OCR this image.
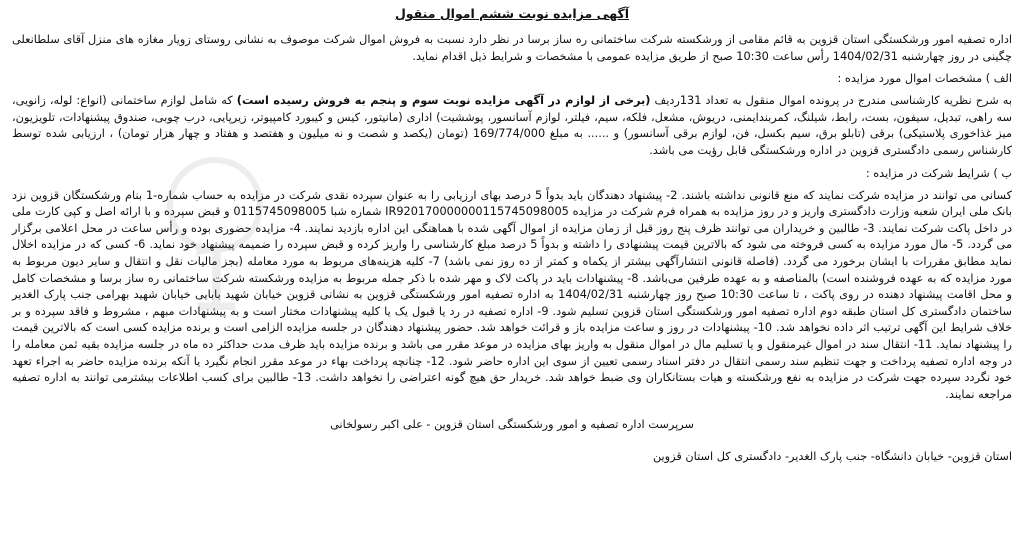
1
آگهی مزایده نوبت ششم اموال منقول

اداره تصفیه امور ورشکستگی استان قزوین به قائم مقامی از ورشکسته شرکت ساختمانی ره ساز برسا در نظر دارد نسبت به فروش اموال شرکت موصوف به نشانی روستای زویار مغازه های منزل آقای سلطانعلی چگینی در روز چهارشنبه 1404/02/31 رأس ساعت 10:30 صبح از طریق مزایده عمومی با مشخصات و شرایط ذیل اقدام نماید.

الف ) مشخصات اموال مورد مزایده :

به شرح نظریه کارشناسی مندرج در پرونده اموال منقول به تعداد 131ردیف (برخی از لوازم در آگهی مزایده نوبت سوم و پنجم به فروش رسیده است) که شامل لوازم ساختمانی (انواع: لوله، زانویی، سه راهی، تبدیل، سیفون، بست، رابط، شیلنگ، کمربندایمنی، دریوش، مشعل، فلکه، سیم، فیلتر، لوازم آسانسور، پوششیت) اداری (مانیتور، کیس و کیبورد کامپیوتر، زیرپایی، درب چوبی، صندوق پیشنهادات، تلویزیون، میز غذاخوری پلاستیکی) برقی (تابلو برق، سیم بکسل، فن، لوازم برقی آسانسور) و ...... به مبلغ 169/774/000 (تومان (یکصد و شصت و نه میلیون و هفتصد و هفتاد و چهار هزار تومان) ، ارزیابی شده توسط کارشناس رسمی دادگستری قزوین در اداره ورشکستگی قابل رؤیت می باشد.

ب ) شرایط شرکت در مزایده :

کسانی می توانند در مزایده شرکت نمایند که منع قانونی نداشته باشند. 2- پیشنهاد دهندگان باید بدواً 5 درصد بهای ارزیابی را به عنوان سپرده نقدی شرکت در مزایده به حساب شماره-1 بنام ورشکستگان قزوین نزد بانک ملی ایران شعبه وزارت دادگستری واریز و در روز مزایده به همراه فرم شرکت در مزایده IR920170000000115745098005 شماره شبا 0115745098005 و قبض سپرده و با ارائه اصل و کپی کارت ملی در داخل پاکت شرکت نمایند. 3- طالبین و خریداران می توانند ظرف پنج روز قبل از زمان مزایده از اموال آگهی شده با هماهنگی این اداره بازدید نمایند. 4- مزایده حضوری بوده و رأس ساعت در محل اعلامی برگزار می گردد. 5- مال مورد مزایده به کسی فروخته می شود که بالاترین قیمت پیشنهادی را داشته و بدواً 5 درصد مبلغ کارشناسی را واریز کرده و قبض سپرده را ضمیمه پیشنهاد خود نماید. 6- کسی که در مزایده اخلال نماید مطابق مقررات با ایشان برخورد می گردد. (فاصله قانونی انتشارآگهی بیشتر از یکماه و کمتر از ده روز نمی باشد) 7- کلیه هزینه‌های مربوط به مورد معامله (بجز مالیات نقل و انتقال و سایر دیون مربوط به مورد مزایده که به عهده فروشنده است) بالمناصفه و به عهده طرفین می‌باشد. 8- پیشنهادات باید در پاکت لاک و مهر شده با ذکر جمله مربوط به مزایده ورشکسته شرکت ساختمانی ره ساز برسا و مشخصات کامل و محل اقامت پیشنهاد دهنده در روی پاکت ، تا ساعت 10:30 صبح روز چهارشنبه 1404/02/31 به اداره تصفیه امور ورشکستگی قزوین به نشانی قزوین خیابان شهید بابایی خیابان شهید بهرامی جنب پارک الغدیر ساختمان دادگستری کل استان طبقه دوم اداره تصفیه امور ورشکستگی استان قزوین تسلیم شود. 9- اداره تصفیه در رد یا قبول یک یا کلیه پیشنهادات مختار است و به پیشنهادات مبهم ، مشروط و فاقد سپرده و بر خلاف شرایط این آگهی ترتیب اثر داده نخواهد شد. 10- پیشنهادات در روز و ساعت مزایده باز و قرائت خواهد شد. حضور پیشنهاد دهندگان در جلسه مزایده الزامی است و برنده مزایده کسی است که بالاترین قیمت را پیشنهاد نماید. 11- انتقال سند در اموال غیرمنقول و یا تسلیم مال در اموال منقول به واریز بهای مزایده در موعد مقرر می باشد و برنده مزایده باید ظرف مدت حداکثر ده ماه در جلسه مزایده بقیه ثمن معامله را در وجه اداره تصفیه پرداخت و جهت تنظیم سند رسمی انتقال در دفتر اسناد رسمی تعیین از سوی این اداره حاضر شود. 12- چنانچه پرداخت بهاء در موعد مقرر انجام نگیرد یا آنکه برنده مزایده حاضر به اجراء تعهد خود نگردد سپرده جهت شرکت در مزایده به نفع ورشکسته و هیات بستانکاران وی ضبط خواهد شد. خریدار حق هیچ گونه اعتراضی را نخواهد داشت. 13- طالبین برای کسب اطلاعات بیشترمی توانند به اداره تصفیه مراجعه نمایند.

سرپرست اداره تصفیه و امور ورشکستگی استان قزوین - علی اکبر رسولخانی
استان قزوین- خیابان دانشگاه- جنب پارک الغدیر- دادگستری کل استان قزوین
